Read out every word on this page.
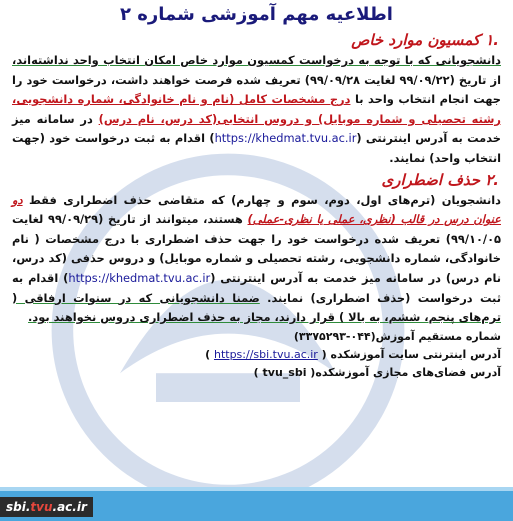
اطلاعیه مهم آموزشی شماره ۲
.۱ کمسیون موارد خاص
دانشجویانی که با توجه به درخواست کمسیون موارد خاص امکان انتخاب واحد نداشته‌اند، از تاریخ (۹۹/۰۹/۲۲ لغایت ۹۹/۰۹/۲۸) تعریف شده فرصت خواهند داشت، درخواست خود را جهت انجام انتخاب واحد با درج مشخصات کامل (نام و نام خانوادگی، شماره دانشجویی، رشته تحصیلی و شماره موبایل) و دروس انتخابی(کد درس، نام درس) در سامانه میز خدمت به آدرس اینترنتی (https://khedmat.tvu.ac.ir) اقدام به ثبت درخواست خود (جهت انتخاب واحد) نمایند.
.۲ حذف اضطراری
دانشجویان (ترم‌های اول، دوم، سوم و چهارم) که متقاضی حذف اضطراری فقط دو عنوان درس در قالب (نظری، عملی یا نظری-عملی) هستند، میتوانند از تاریخ (۹۹/۰۹/۲۹ لغایت ۹۹/۱۰/۰۵) تعریف شده درخواست خود را جهت حذف اضطراری با درج مشخصات ( نام خانوادگی، شماره دانشجویی، رشته تحصیلی و شماره موبایل) و دروس حذفی (کد درس، نام درس) در سامانه میز خدمت به آدرس اینترنتی (https://khedmat.tvu.ac.ir) اقدام به ثبت درخواست (حذف اضطراری) نمایند. ضمنا دانشجویانی که در سنوات ارفاقی ( ترم‌های پنجم، ششم، به بالا ) قرار دارند، مجاز به حذف اضطراری دروس نخواهند بود.
شماره مستقیم آموزش(۰۴۴-۳۳۷۵۲۹۳)
آدرس اینترنتی سایت آموزشکده ( https://sbi.tvu.ac.ir )
آدرس فضای‌های مجازی آموزشکده( tvu_sbi )
sbi.tvu.ac.ir
